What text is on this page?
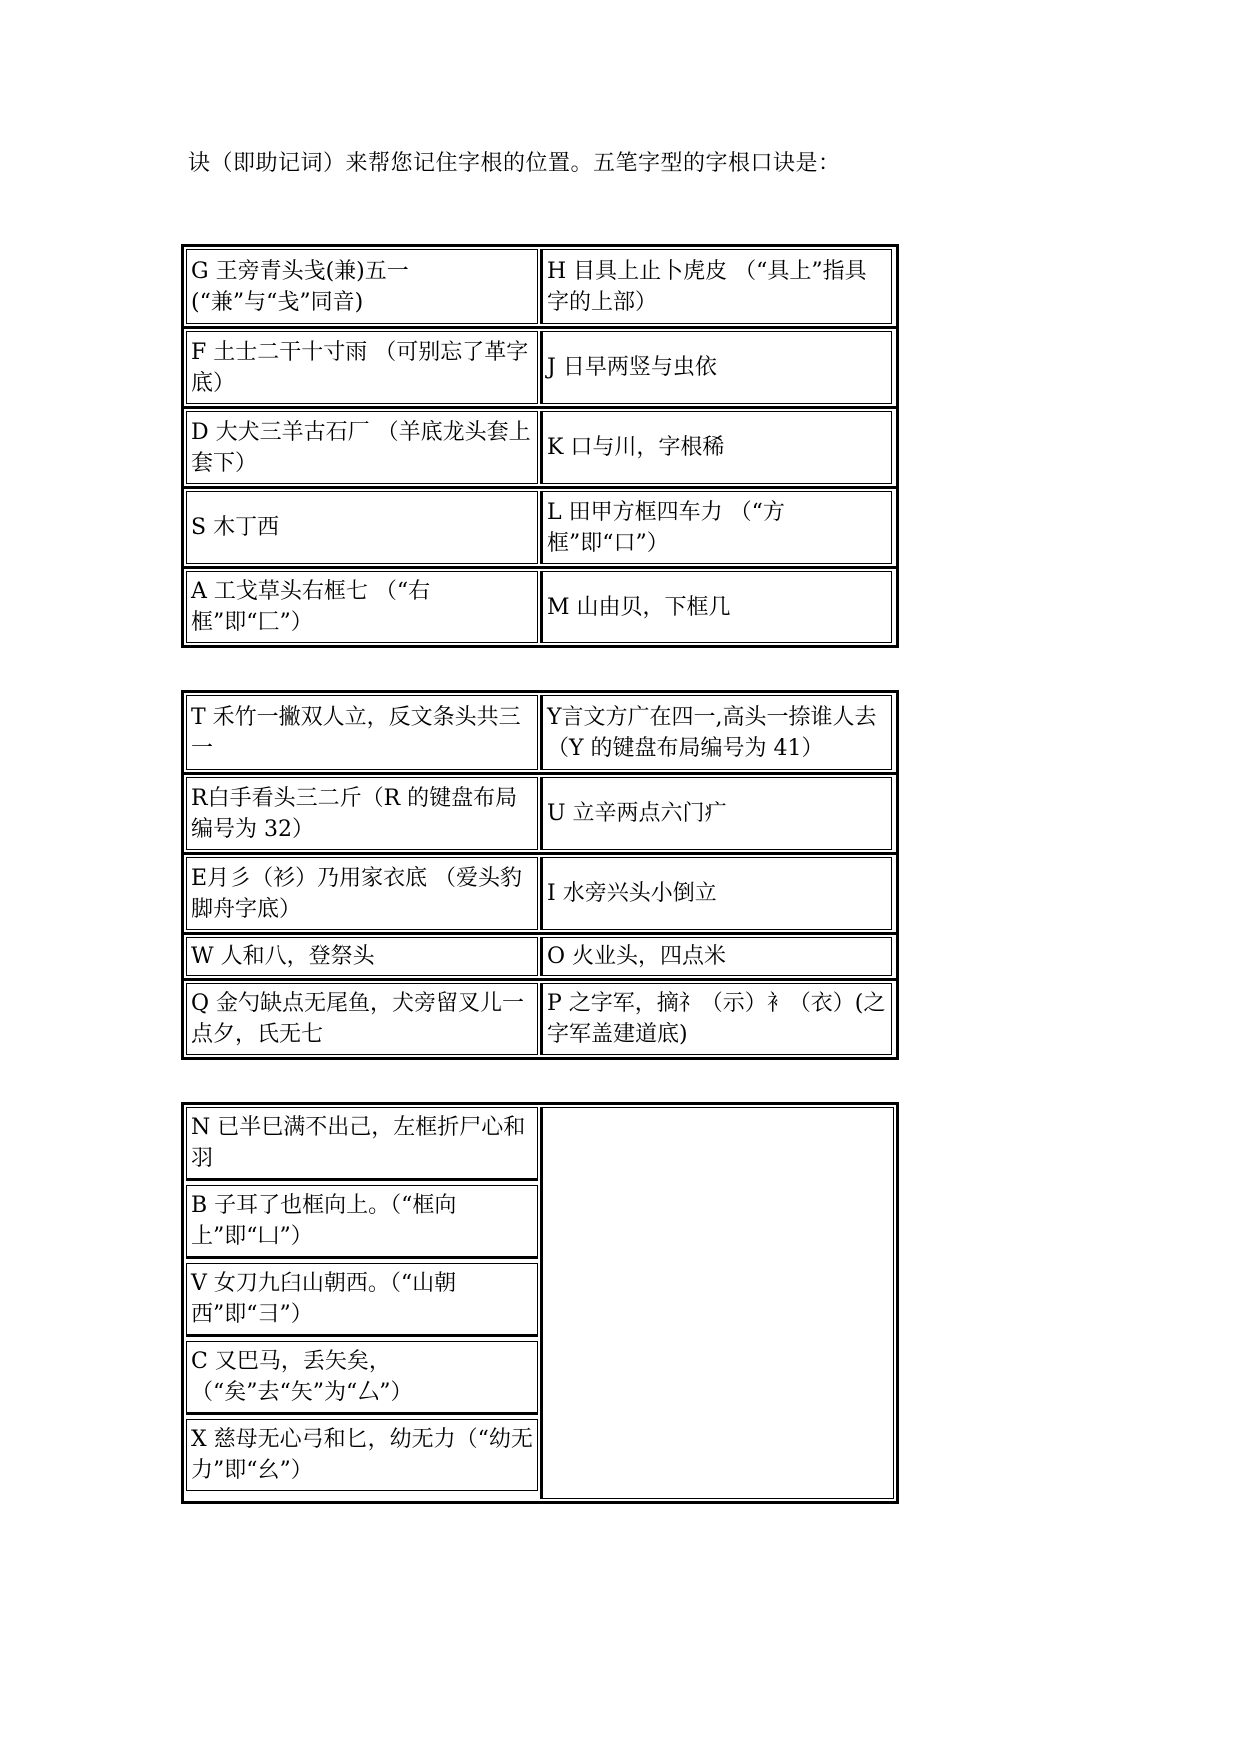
诀（即助记词）来帮您记住字根的位置。五笔字型的字根口诀是：
G 王旁青头戋(兼)五一(“兼”与“戋”同音)
H 目具上止卜虎皮 （“具上”指具字的上部）
F 土士二干十寸雨 （可别忘了革字底）
J 日早两竖与虫依
D 大犬三羊古石厂 （羊底龙头套上套下）
K 口与川，字根稀
S 木丁西
L 田甲方框四车力 （“方框”即“口”）
A 工戈草头右框七 （“右框”即“匚”）
M 山由贝，下框几
T 禾竹一撇双人立，反文条头共三一
Y言文方广在四一,高头一捺谁人去（Y 的键盘布局编号为 41）
R白手看头三二斤（R 的键盘布局编号为 32）
U 立辛两点六门疒
E月彡（衫）乃用家衣底 （爱头豹脚舟字底）
I 水旁兴头小倒立
W 人和八，登祭头	O 火业头，四点米
Q 金勺缺点无尾鱼，犬旁留叉儿一点夕，氏无七
P 之字军，摘礻（示）衤（衣）(之字军盖建道底)
N 已半巳满不出己，左框折尸心和羽
B 子耳了也框向上。（“框向上”即“凵”）
V 女刀九臼山朝西。（“山朝西”即“彐”）
C 又巴马，丢矢矣，（“矣”去“矢”为“厶”）
X 慈母无心弓和匕，幼无力（“幼无力”即“幺”）
